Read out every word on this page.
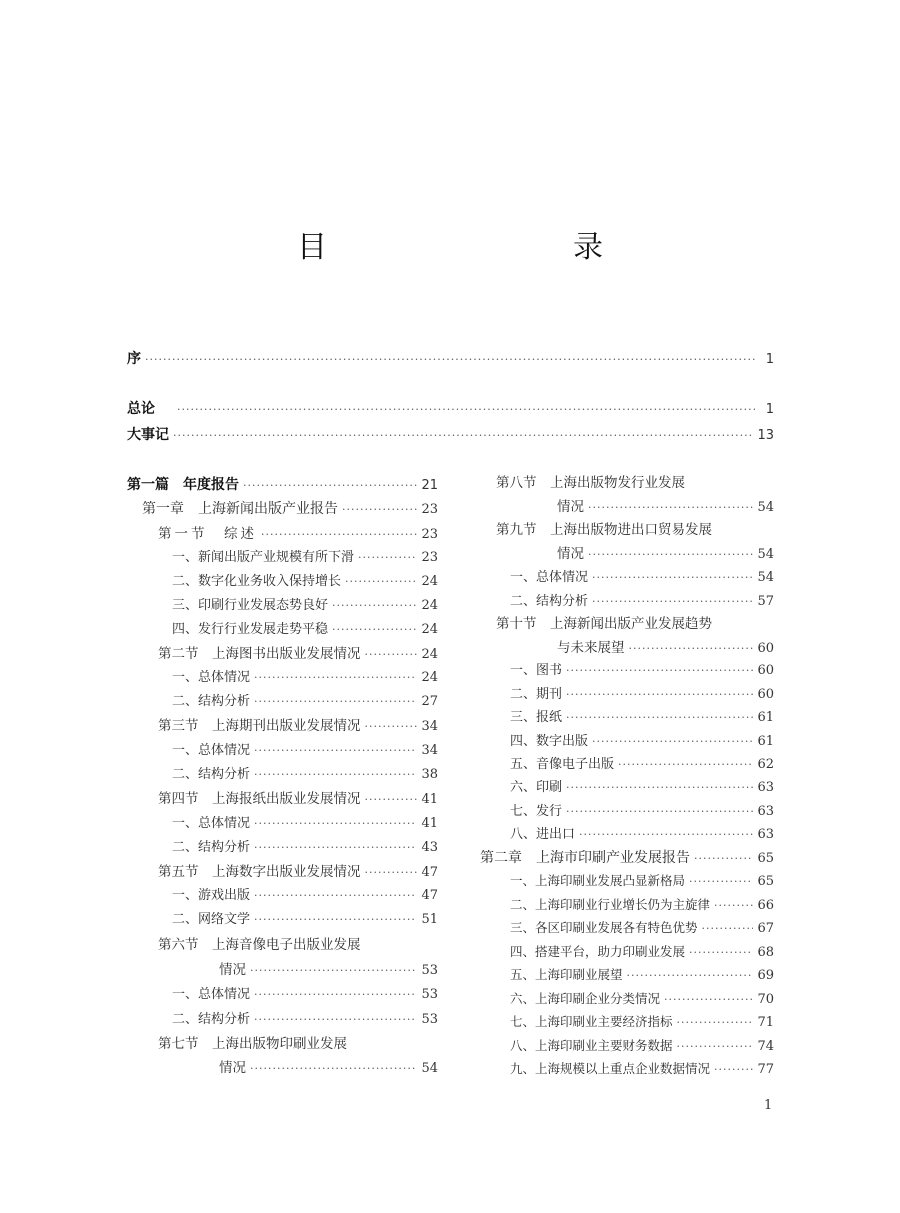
目　　录
序 ·····	1
总论 ·····	1
大事记 ·····	13
第一篇　年度报告 ·····	21
第一章　上海新闻出版产业报告 ·····	23
第一节　综述 ·····	23
一、新闻出版产业规模有所下滑 ·····	23
二、数字化业务收入保持增长 ·····	24
三、印刷行业发展态势良好 ·····	24
四、发行行业发展走势平稳 ·····	24
第二节　上海图书出版业发展情况 ·····	24
一、总体情况 ·····	24
二、结构分析 ·····	27
第三节　上海期刊出版业发展情况 ·····	34
一、总体情况 ·····	34
二、结构分析 ·····	38
第四节　上海报纸出版业发展情况 ·····	41
一、总体情况 ·····	41
二、结构分析 ·····	43
第五节　上海数字出版业发展情况 ·····	47
一、游戏出版 ·····	47
二、网络文学 ·····	51
第六节　上海音像电子出版业发展
情况 ·····	53
一、总体情况 ·····	53
二、结构分析 ·····	53
第七节　上海出版物印刷业发展
情况 ·····	54
第八节　上海出版物发行业发展
情况 ·····	54
第九节　上海出版物进出口贸易发展
情况 ·····	54
一、总体情况 ·····	54
二、结构分析 ·····	57
第十节　上海新闻出版产业发展趋势
与未来展望 ·····	60
一、图书 ·····	60
二、期刊 ·····	60
三、报纸 ·····	61
四、数字出版 ·····	61
五、音像电子出版 ·····	62
六、印刷 ·····	63
七、发行 ·····	63
八、进出口 ·····	63
第二章　上海市印刷产业发展报告 ·····	65
一、上海印刷业发展凸显新格局 ·····	65
二、上海印刷业行业增长仍为主旋律 ·····	66
三、各区印刷业发展各有特色优势 ·····	67
四、搭建平台，助力印刷业发展 ·····	68
五、上海印刷业展望 ·····	69
六、上海印刷企业分类情况 ·····	70
七、上海印刷业主要经济指标 ·····	71
八、上海印刷业主要财务数据 ·····	74
九、上海规模以上重点企业数据情况 ·····	77
1
